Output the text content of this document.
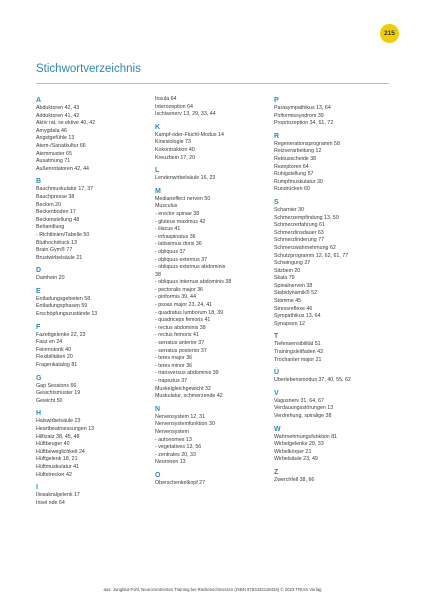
215
Stichwortverzeichnis
A
Abduktoren 42, 43
Adduktoren 41, 42
Aktiv rat, se ektive 40, 42
Amygdala 46
Angstgefühle 13
Atem-/Sanatkultur 66
Atemmuster 65
Ausatmung 71
Außenrotatoren 42, 44
B
Bauchmuskulatur 17, 37
Bauchpresse 38
Becken 20
Beckenboden 17
Beckenstellung 48
Behandlung
- Richtlinien/Tabelle 50
Bluthochdruck 13
Brain Gym® 77
Brustwirbelsäule 21
D
Damhein 20
E
Entladungsgebieten 58
Entladungsphasen 59
Erschöpfungszustände 13
F
Fazettgelenke 22, 23
Fasz en 24
Feinmotorik 40
Flexibilitäten 20
Fragenkatalog 81
G
Gap Sessions 66
Gesichtsmuster 19
Gewicht 50
H
Halswirbelsäule 23
Heartbeatmessungen 13
Hilfizatz 38, 45, 48
Hüftbeuger 40
Hüftbeweglichkeit 24
Hüftgelenk 18, 21
Hüftmuskulatur 41
Hüftstrecker 42
I
Iliosakralgelenk 17
Insel nde 64
Insula 64
Interozeption 64
Ischiasnerv 13, 29, 33, 44
K
Kampf-oder-Flucht-Modus 14
Kinesiologie 73
Kokontraktion 40
Kreuzbein 17, 20
L
Lendenwirbelsäule 16, 23
M
Medianeffect nerven 50
Musculus
- erector spinae 38
- gluteus maximus 42
- iliacus 41
- infraspinatus 36
- latissimus dorsi 36
- obliquus 37
- obliquus externus 37
- obliquus externus abdominis
38
- obliquus internus abdominis 38
- pectoralis major 36
- piriformis 39, 44
- psoas major 23, 24, 41
- quadratus lumborum 18, 39
- quadriceps femoris 41
- rectus abdominis 38
- rectus femoris 41
- serratus anterior 37
- serratus posterior 37
- teres major 36
- teres minor 36
- transversus abdominis 39
- trapezius 37
Muskelgleichgewicht 32
Muskulatur, schmerzende 42
N
Nervensystem 12, 31
Nervensystemfunktion 30
Nervensystem
- autonomes 13
- vegetatives 13, 56
- zentrales 20, 33
Neuronen 13
O
Oberschenkelkopf 27
P
Parasympathikus 13, 64
Piriformissyndrom 39
Propriozeption 34, 61, 72
R
Regenerationsprogramm 58
Reizverarbeitung 12
Rektusscheide 38
Rezeptoren 64
Ruhigstellung 57
Rumpfmuskulatur 30
Rundrücken 60
S
Scharnier 30
Schmerzempfindung 13, 59
Schmerzerfahrung 61
Schmerzlinsdauer 63
Schmerzlinderung 77
Schmerzwahrnehmung 62
Schutzprogramm 12, 62, 61, 77
Schwingung 27
Sitzbein 20
Skala 79
Spinalnerven 38
Stabidynamik® 52
Stämme 45
Stressreflexe 46
Sympathikus 13, 64
Synapsen 12
T
Tiefensensibilität 51
Trainingsleitfaden 43
Trochanter major 21
Ü
Überlebensmodus 37, 40, 55, 62
V
Vagusnerv 31, 64, 67
Verdauungsstörungen 13
Verdrehung, spiralige 38
W
Wahrnehmungsfunktion 81
Wirbelgelenke 28, 33
Wirbelkörper 21
Wirbelsäule 23, 49
Z
Zwerchfell 38, 66
aus: Jungblut-Fohl, Neurozentriertes Training bei Rückenschmerzen (ISBN 9783432118434) © 2023 TRIAS Verlag
